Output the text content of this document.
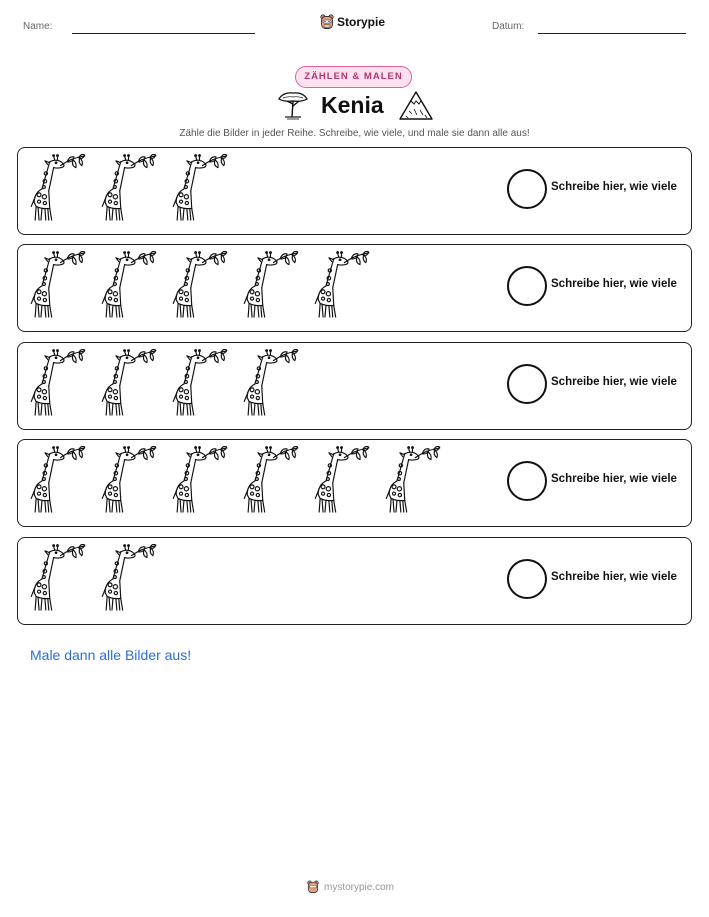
Name:	Storypie	Datum:
ZÄHLEN & MALEN
Kenia
Zähle die Bilder in jeder Reihe. Schreibe, wie viele, und male sie dann alle aus!
Schreibe hier, wie viele
Schreibe hier, wie viele
Schreibe hier, wie viele
Schreibe hier, wie viele
Schreibe hier, wie viele
Male dann alle Bilder aus!
mystorypie.com
